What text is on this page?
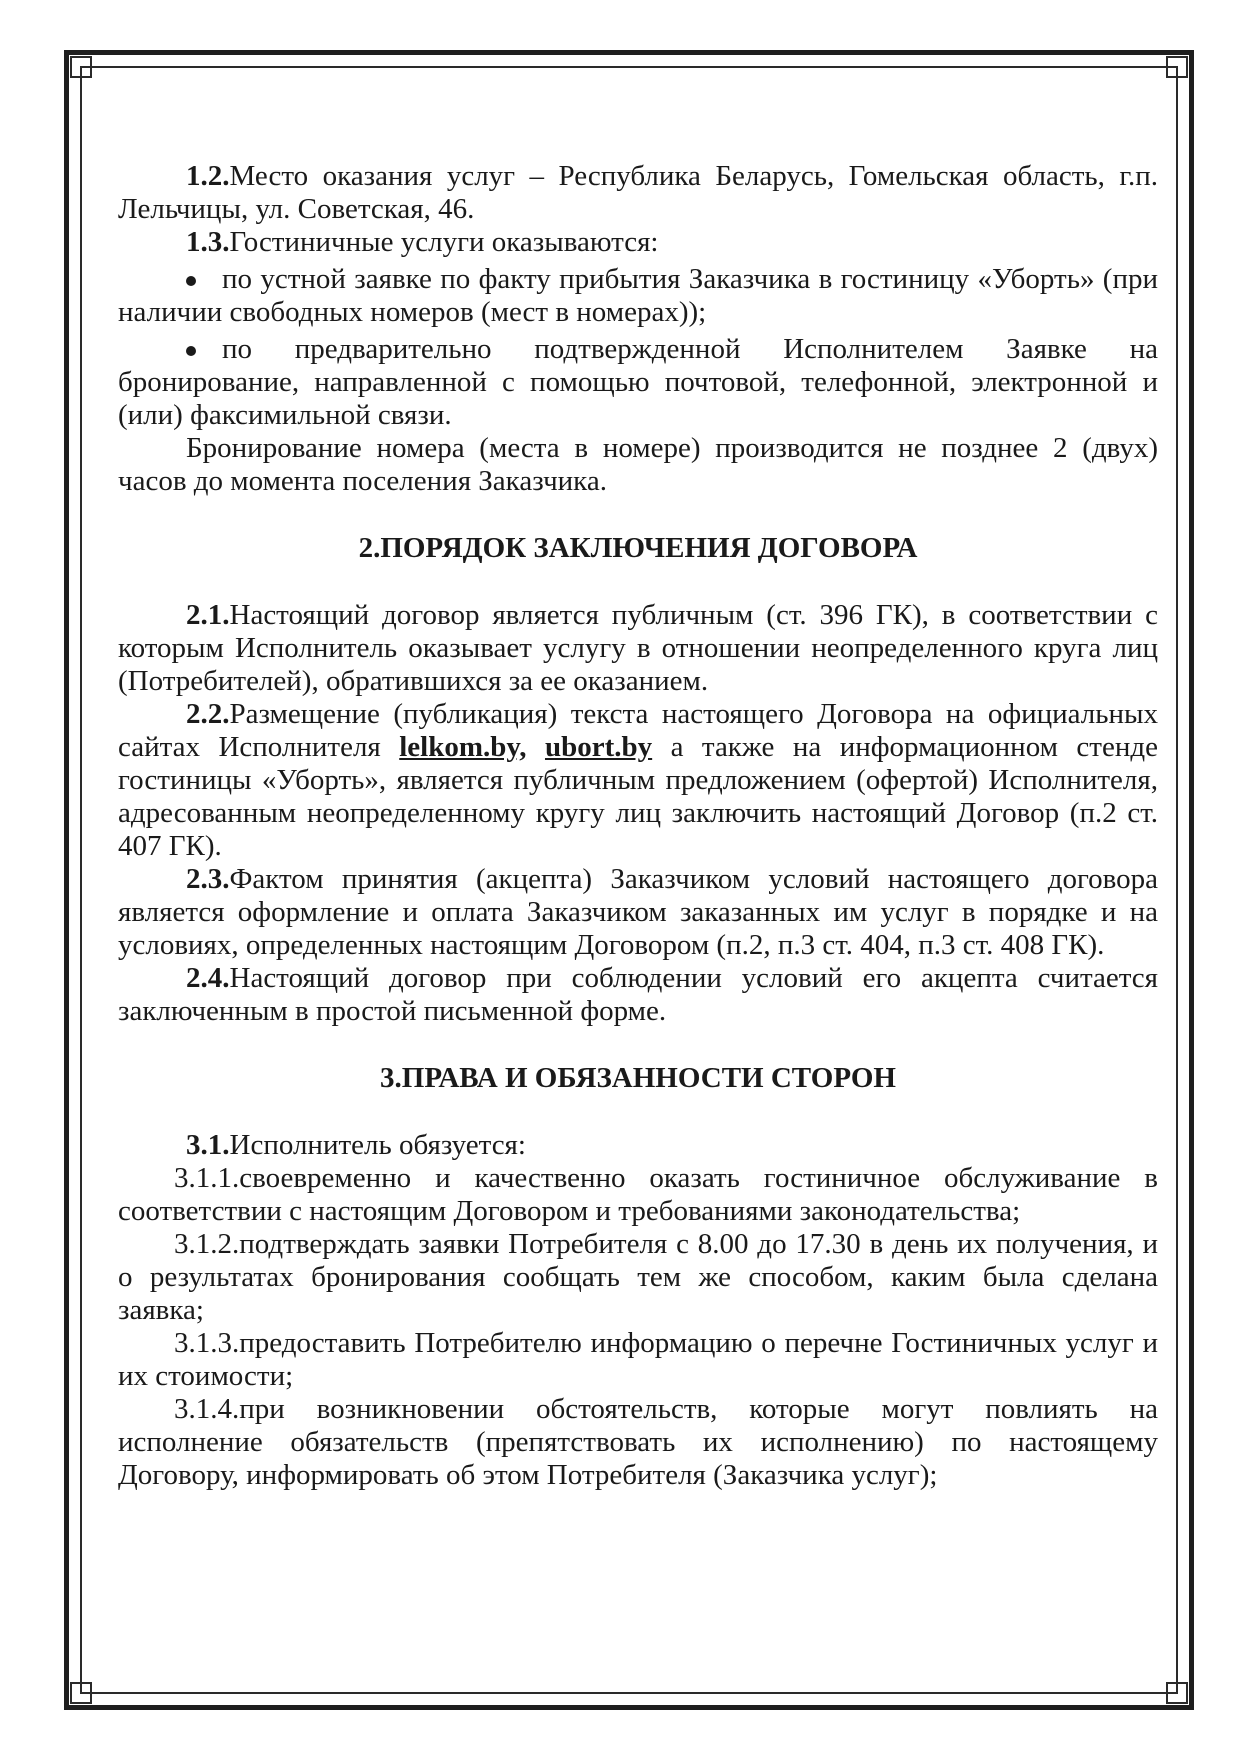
1.2.Место оказания услуг – Республика Беларусь, Гомельская область, г.п. Лельчицы, ул. Советская, 46.

1.3.Гостиничные услуги оказываются:

по устной заявке по факту прибытия Заказчика в гостиницу «Уборть» (при наличии свободных номеров (мест в номерах));

по предварительно подтвержденной Исполнителем Заявке на бронирование, направленной с помощью почтовой, телефонной, электронной и (или) факсимильной связи.

Бронирование номера (места в номере) производится не позднее 2 (двух) часов до момента поселения Заказчика.

2.ПОРЯДОК ЗАКЛЮЧЕНИЯ ДОГОВОРА

2.1.Настоящий договор является публичным (ст. 396 ГК), в соответствии с которым Исполнитель оказывает услугу в отношении неопределенного круга лиц (Потребителей), обратившихся за ее оказанием.

2.2.Размещение (публикация) текста настоящего Договора на официальных сайтах Исполнителя lelkom.by, ubort.by а также на информационном стенде гостиницы «Уборть», является публичным предложением (офертой) Исполнителя, адресованным неопределенному кругу лиц заключить настоящий Договор (п.2 ст. 407 ГК).

2.3.Фактом принятия (акцепта) Заказчиком условий настоящего договора является оформление и оплата Заказчиком заказанных им услуг в порядке и на условиях, определенных настоящим Договором (п.2, п.3 ст. 404, п.3 ст. 408 ГК).

2.4.Настоящий договор при соблюдении условий его акцепта считается заключенным в простой письменной форме.

3.ПРАВА И ОБЯЗАННОСТИ СТОРОН

3.1.Исполнитель обязуется:

3.1.1.своевременно и качественно оказать гостиничное обслуживание в соответствии с настоящим Договором и требованиями законодательства;

3.1.2.подтверждать заявки Потребителя с 8.00 до 17.30 в день их получения, и о результатах бронирования сообщать тем же способом, каким была сделана заявка;

3.1.3.предоставить Потребителю информацию о перечне Гостиничных услуг и их стоимости;

3.1.4.при возникновении обстоятельств, которые могут повлиять на исполнение обязательств (препятствовать их исполнению) по настоящему Договору, информировать об этом Потребителя (Заказчика услуг);
